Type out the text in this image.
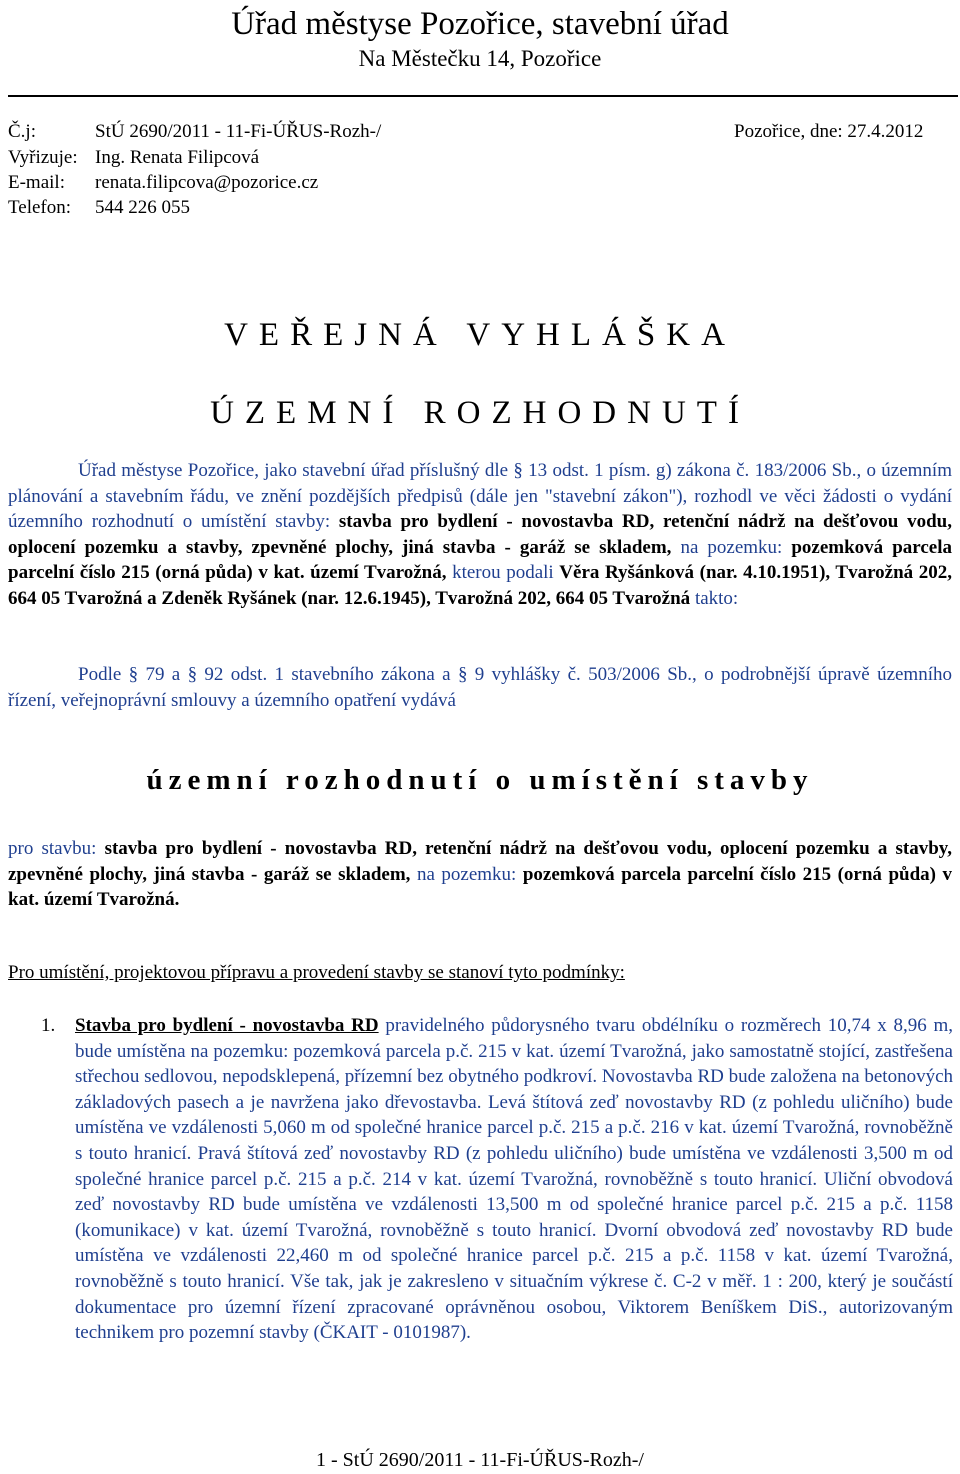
Úřad městyse Pozořice, stavební úřad
Na Městečku 14, Pozořice
Č.j:	StÚ 2690/2011 - 11-Fi-ÚŘUS-Rozh-/	Pozořice, dne: 27.4.2012
Vyřizuje: Ing. Renata Filipcová
E-mail: renata.filipcova@pozorice.cz
Telefon: 544 226 055
VEŘEJNÁ VYHLÁŠKA
ÚZEMNÍ ROZHODNUTÍ
Úřad městyse Pozořice, jako stavební úřad příslušný dle § 13 odst. 1 písm. g) zákona č. 183/2006 Sb., o územním plánování a stavebním řádu, ve znění pozdějších předpisů (dále jen "stavební zákon"), rozhodl ve věci žádosti o vydání územního rozhodnutí o umístění stavby: stavba pro bydlení - novostavba RD, retenční nádrž na dešťovou vodu, oplocení pozemku a stavby, zpevněné plochy, jiná stavba - garáž se skladem, na pozemku: pozemková parcela parcelní číslo 215 (orná půda) v kat. území Tvarožná, kterou podali Věra Ryšánková (nar. 4.10.1951), Tvarožná 202, 664 05 Tvarožná a Zdeněk Ryšánek (nar. 12.6.1945), Tvarožná 202, 664 05 Tvarožná takto:
Podle § 79 a § 92 odst. 1 stavebního zákona a § 9 vyhlášky č. 503/2006 Sb., o podrobnější úpravě územního řízení, veřejnoprávní smlouvy a územního opatření vydává
územní rozhodnutí o umístění stavby
pro stavbu: stavba pro bydlení - novostavba RD, retenční nádrž na dešťovou vodu, oplocení pozemku a stavby, zpevněné plochy, jiná stavba - garáž se skladem, na pozemku: pozemková parcela parcelní číslo 215 (orná půda) v kat. území Tvarožná.
Pro umístění, projektovou přípravu a provedení stavby se stanoví tyto podmínky:
1. Stavba pro bydlení - novostavba RD pravidelného půdorysného tvaru obdélníku o rozměrech 10,74 x 8,96 m, bude umístěna na pozemku: pozemková parcela p.č. 215 v kat. území Tvarožná, jako samostatně stojící, zastřešena střechou sedlovou, nepodsklepená, přízemní bez obytného podkroví. Novostavba RD bude založena na betonových základových pasech a je navržena jako dřevostavba. Levá štítová zeď novostavby RD (z pohledu uličního) bude umístěna ve vzdálenosti 5,060 m od společné hranice parcel p.č. 215 a p.č. 216 v kat. území Tvarožná, rovnoběžně s touto hranicí. Pravá štítová zeď novostavby RD (z pohledu uličního) bude umístěna ve vzdálenosti 3,500 m od společné hranice parcel p.č. 215 a p.č. 214 v kat. území Tvarožná, rovnoběžně s touto hranicí. Uliční obvodová zeď novostavby RD bude umístěna ve vzdálenosti 13,500 m od společné hranice parcel p.č. 215 a p.č. 1158 (komunikace) v kat. území Tvarožná, rovnoběžně s touto hranicí. Dvorní obvodová zeď novostavby RD bude umístěna ve vzdálenosti 22,460 m od společné hranice parcel p.č. 215 a p.č. 1158 v kat. území Tvarožná, rovnoběžně s touto hranicí. Vše tak, jak je zakresleno v situačním výkrese č. C-2 v měř. 1 : 200, který je součástí dokumentace pro územní řízení zpracované oprávněnou osobou, Viktorem Beníškem DiS., autorizovaným technikem pro pozemní stavby (ČKAIT - 0101987).
1 - StÚ 2690/2011 - 11-Fi-ÚŘUS-Rozh-/
